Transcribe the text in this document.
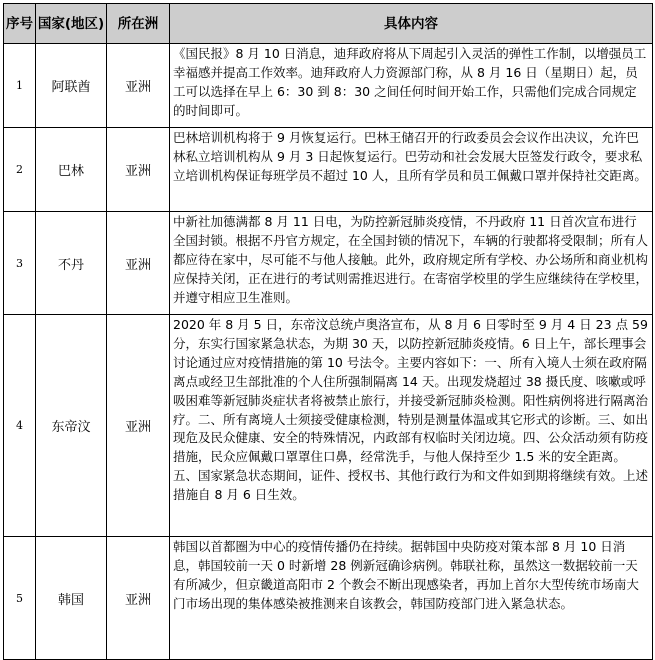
序号	国家(地区)	所在洲	具体内容
1	阿联酋	亚洲	《国民报》8 月 10 日消息，迪拜政府将从下周起引入灵活的弹性工作制，以增强员工幸福感并提高工作效率。迪拜政府人力资源部门称，从 8 月 16 日（星期日）起，员工可以选择在早上 6：30 到 8：30 之间任何时间开始工作，只需他们完成合同规定的时间即可。
2	巴林	亚洲	巴林培训机构将于 9 月恢复运行。巴林王储召开的行政委员会会议作出决议，允许巴林私立培训机构从 9 月 3 日起恢复运行。巴劳动和社会发展大臣签发行政令，要求私立培训机构保证每班学员不超过 10 人，且所有学员和员工佩戴口罩并保持社交距离。
3	不丹	亚洲	中新社加德满都 8 月 11 日电，为防控新冠肺炎疫情，不丹政府 11 日首次宣布进行全国封锁。根据不丹官方规定，在全国封锁的情况下，车辆的行驶都将受限制；所有人都应待在家中，尽可能不与他人接触。此外，政府规定所有学校、办公场所和商业机构应保持关闭，正在进行的考试则需推迟进行。在寄宿学校里的学生应继续待在学校里，并遵守相应卫生准则。
4	东帝汶	亚洲	2020 年 8 月 5 日，东帝汶总统卢奥洛宣布，从 8 月 6 日零时至 9 月 4 日 23 点 59 分，东实行国家紧急状态，为期 30 天，以防控新冠肺炎疫情。6 日上午，部长理事会讨论通过应对疫情措施的第 10 号法令。主要内容如下：一、所有入境人士须在政府隔离点或经卫生部批准的个人住所强制隔离 14 天。出现发烧超过 38 摄氏度、咳嗽或呼吸困难等新冠肺炎症状者将被禁止旅行，并接受新冠肺炎检测。阳性病例将进行隔离治疗。二、所有离境人士须接受健康检测，特别是测量体温或其它形式的诊断。三、如出现危及民众健康、安全的特殊情况，内政部有权临时关闭边境。四、公众活动须有防疫措施，民众应佩戴口罩罩住口鼻，经常洗手，与他人保持至少 1.5 米的安全距离。五、国家紧急状态期间，证件、授权书、其他行政行为和文件如到期将继续有效。上述措施自 8 月 6 日生效。
5	韩国	亚洲	韩国以首都圈为中心的疫情传播仍在持续。据韩国中央防疫对策本部 8 月 10 日消息，韩国较前一天 0 时新增 28 例新冠确诊病例。韩联社称，虽然这一数据较前一天有所减少，但京畿道高阳市 2 个教会不断出现感染者，再加上首尔大型传统市场南大门市场出现的集体感染被推测来自该教会，韩国防疫部门进入紧急状态。
